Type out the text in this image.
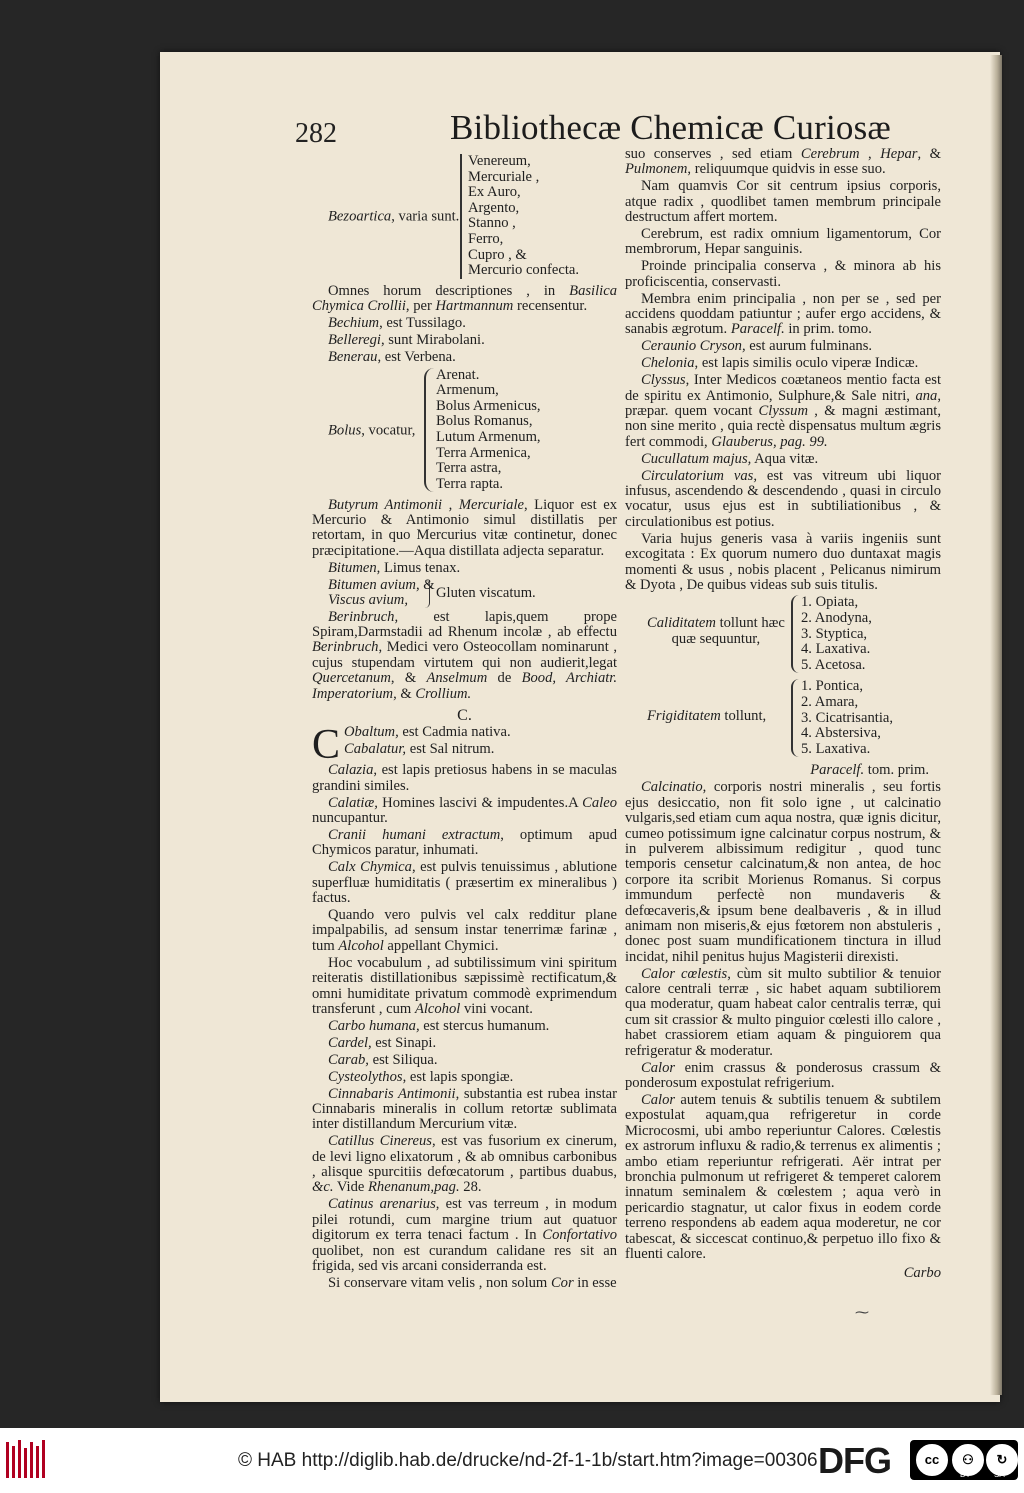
282	Bibliothecæ Chemicæ Curiosæ
Bezoartica, varia sunt.
Venereum,
Mercuriale ,
Ex Auro,
Argento,
Stanno ,
Ferro,
Cupro , &
Mercurio confecta.

Omnes horum descriptiones , in Basilica Chymica Crollii, per Hartmannum recensentur.

Bechium, est Tussilago.

Belleregi, sunt Mirabolani.

Benerau, est Verbena.

Bolus, vocatur,
Arenat.
Armenum,
Bolus Armenicus,
Bolus Romanus,
Lutum Armenum,
Terra Armenica,
Terra astra,
Terra rapta.

Butyrum Antimonii , Mercuriale, Liquor est ex Mercurio & Antimonio simul distillatis per retortam, in quo Mercurius vitæ continetur, donec præcipitatione.—Aqua distillata adjecta separatur.

Bitumen, Limus tenax.

Bitumen avium, &
Viscus avium,	Gluten viscatum.

Berinbruch, est lapis,quem prope Spiram,Darmstadii ad Rhenum incolæ , ab effectu Berinbruch, Medici vero Osteocollam nominarunt , cujus stupendam virtutem qui non audierit,legat Quercetanum, & Anselmum de Bood, Archiatr. Imperatorium, & Crollium.

C.
C Obaltum, est Cadmia nativa.

Cabalatur, est Sal nitrum.

Calazia, est lapis pretiosus habens in se maculas grandini similes.

Calatiæ, Homines lascivi & impudentes.A Caleo nuncupantur.

Cranii humani extractum, optimum apud Chymicos paratur, inhumati.

Calx Chymica, est pulvis tenuissimus , ablutione superfluæ humiditatis ( præsertim ex mineralibus ) factus.

Quando vero pulvis vel calx redditur plane impalpabilis, ad sensum instar tenerrimæ farinæ , tum Alcohol appellant Chymici.

Hoc vocabulum , ad subtilissimum vini spiritum reiteratis distillationibus sæpissimè rectificatum,& omni humiditate privatum commodè exprimendum transferunt , cum Alcohol vini vocant.

Carbo humana, est stercus humanum.

Cardel, est Sinapi.

Carab, est Siliqua.

Cysteolythos, est lapis spongiæ.

Cinnabaris Antimonii, substantia est rubea instar Cinnabaris mineralis in collum retortæ sublimata inter distillandum Mercurium vitæ.

Catillus Cinereus, est vas fusorium ex cinerum, de levi ligno elixatorum , & ab omnibus carbonibus , alisque spurcitiis defœcatorum , partibus duabus, &c. Vide Rhenanum,pag. 28.

Catinus arenarius, est vas terreum , in modum pilei rotundi, cum margine trium aut quatuor digitorum ex terra tenaci factum . In Confortativo quolibet, non est curandum calidane res sit an frigida, sed vis arcani considerranda est.

Si conservare vitam velis , non solum Cor in esse

suo conserves , sed etiam Cerebrum , Hepar, & Pulmonem, reliquumque quidvis in esse suo.

Nam quamvis Cor sit centrum ipsius corporis, atque radix , quodlibet tamen membrum principale destructum affert mortem.

Cerebrum, est radix omnium ligamentorum, Cor membrorum, Hepar sanguinis.

Proinde principalia conserva , & minora ab his proficiscentia, conservasti.

Membra enim principalia , non per se , sed per accidens quoddam patiuntur ; aufer ergo accidens, & sanabis ægrotum. Paracelf. in prim. tomo.

Ceraunio Cryson, est aurum fulminans.

Chelonia, est lapis similis oculo viperæ Indicæ.

Clyssus, Inter Medicos coætaneos mentio facta est de spiritu ex Antimonio, Sulphure,& Sale nitri, ana, præpar. quem vocant Clyssum , & magni æstimant, non sine merito , quia rectè dispensatus multum ægris fert commodi, Glauberus, pag. 99.

Cucullatum majus, Aqua vitæ.

Circulatorium vas, est vas vitreum ubi liquor infusus, ascendendo & descendendo , quasi in circulo vocatur, usus ejus est in subtiliationibus , & circulationibus est potius.

Varia hujus generis vasa à variis ingeniis sunt excogitata : Ex quorum numero duo duntaxat magis momenti & usus , nobis placent , Pelicanus nimirum & Dyota , De quibus videas sub suis titulis.

Caliditatem tollunt hæc
quæ sequuntur,
1. Opiata,
2. Anodyna,
3. Styptica,
4. Laxativa.
5. Acetosa.
Frigiditatem tollunt,
1. Pontica,
2. Amara,
3. Cicatrisantia,
4. Abstersiva,
5. Laxativa.

Paracelf. tom. prim.

Calcinatio, corporis nostri mineralis , seu fortis ejus desiccatio, non fit solo igne , ut calcinatio vulgaris,sed etiam cum aqua nostra, quæ ignis dicitur, cumeo potissimum igne calcinatur corpus nostrum, & in pulverem albissimum redigitur , quod tunc temporis censetur calcinatum,& non antea, de hoc corpore ita scribit Morienus Romanus. Si corpus immundum perfectè non mundaveris & defœcaveris,& ipsum bene dealbaveris , & in illud animam non miseris,& ejus fœtorem non abstuleris , donec post suam mundificationem tinctura in illud incidat, nihil penitus hujus Magisterii direxisti.

Calor cœlestis, cùm sit multo subtilior & tenuior calore centrali terræ , sic habet aquam subtiliorem qua moderatur, quam habeat calor centralis terræ, qui cum sit crassior & multo pinguior cœlesti illo calore , habet crassiorem etiam aquam & pinguiorem qua refrigeratur & moderatur.

Calor enim crassus & ponderosus crassum & ponderosum expostulat refrigerium.

Calor autem tenuis & subtilis tenuem & subtilem expostulat aquam,qua refrigeretur in corde Microcosmi, ubi ambo reperiuntur Calores. Cœlestis ex astrorum influxu & radio,& terrenus ex alimentis ; ambo etiam reperiuntur refrigerati. Aër intrat per bronchia pulmonum ut refrigeret & temperet calorem innatum seminalem & cœlestem ; aqua verò in pericardio stagnatur, ut calor fixus in eodem corde terreno respondens ab eadem aqua moderetur, ne cor tabescat, & siccescat continuo,& perpetuo illo fixo & fluenti calore.

Carbo

⁓
© HAB http://diglib.hab.de/drucke/nd-2f-1-1b/start.htm?image=00306 DFG	cc	⚇	↻
BY	SA
